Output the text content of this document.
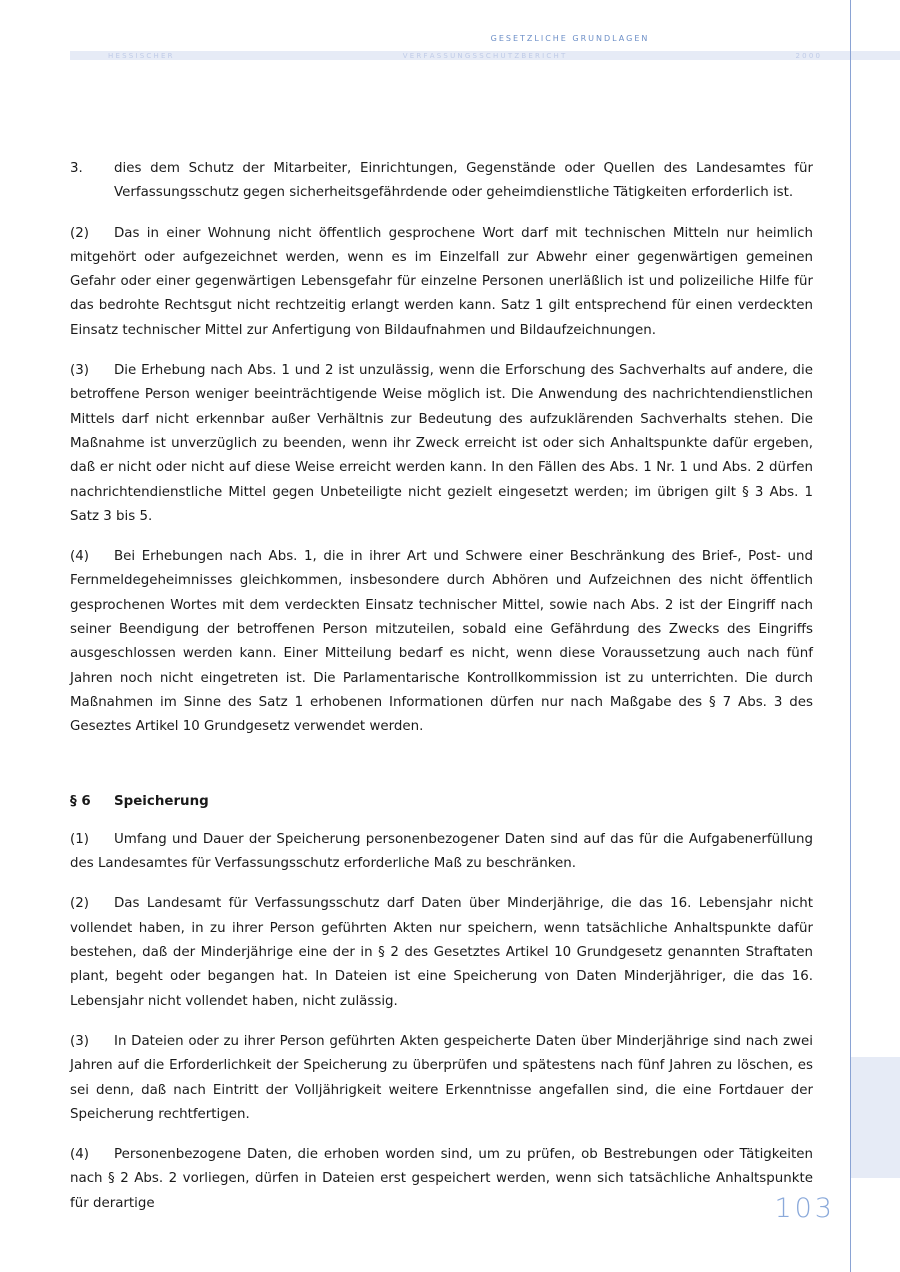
GESETZLICHE GRUNDLAGEN
H E S S I S C H E R	V E R F A S S U N G S S C H U T Z B E R I C H T	2 0 0 0

3.	dies dem Schutz der Mitarbeiter, Einrichtungen, Gegenstände oder Quellen des Landesamtes für Verfassungsschutz gegen sicherheitsgefährdende oder geheimdienstliche Tätigkeiten erforderlich ist.

(2) Das in einer Wohnung nicht öffentlich gesprochene Wort darf mit technischen Mitteln nur heimlich mitgehört oder aufgezeichnet werden, wenn es im Einzelfall zur Abwehr einer gegenwärtigen gemeinen Gefahr oder einer gegenwärtigen Lebensgefahr für einzelne Personen unerläßlich ist und polizeiliche Hilfe für das bedrohte Rechtsgut nicht rechtzeitig erlangt werden kann. Satz 1 gilt entsprechend für einen verdeckten Einsatz technischer Mittel zur Anfertigung von Bildaufnahmen und Bildaufzeichnungen.

(3) Die Erhebung nach Abs. 1 und 2 ist unzulässig, wenn die Erforschung des Sachverhalts auf andere, die betroffene Person weniger beeinträchtigende Weise möglich ist. Die Anwendung des nachrichtendienstlichen Mittels darf nicht erkennbar außer Verhältnis zur Bedeutung des aufzuklärenden Sachverhalts stehen. Die Maßnahme ist unverzüglich zu beenden, wenn ihr Zweck erreicht ist oder sich Anhaltspunkte dafür ergeben, daß er nicht oder nicht auf diese Weise erreicht werden kann. In den Fällen des Abs. 1 Nr. 1 und Abs. 2 dürfen nachrichtendienstliche Mittel gegen Unbeteiligte nicht gezielt eingesetzt werden; im übrigen gilt § 3 Abs. 1 Satz 3 bis 5.

(4) Bei Erhebungen nach Abs. 1, die in ihrer Art und Schwere einer Beschränkung des Brief-, Post- und Fernmeldegeheimnisses gleichkommen, insbesondere durch Abhören und Aufzeichnen des nicht öffentlich gesprochenen Wortes mit dem verdeckten Einsatz technischer Mittel, sowie nach Abs. 2 ist der Eingriff nach seiner Beendigung der betroffenen Person mitzuteilen, sobald eine Gefährdung des Zwecks des Eingriffs ausgeschlossen werden kann. Einer Mitteilung bedarf es nicht, wenn diese Voraussetzung auch nach fünf Jahren noch nicht eingetreten ist. Die Parlamentarische Kontrollkommission ist zu unterrichten. Die durch Maßnahmen im Sinne des Satz 1 erhobenen Informationen dürfen nur nach Maßgabe des § 7 Abs. 3 des Geseztes Artikel 10 Grundgesetz verwendet werden.

§ 6 Speicherung

(1) Umfang und Dauer der Speicherung personenbezogener Daten sind auf das für die Aufgabenerfüllung des Landesamtes für Verfassungsschutz erforderliche Maß zu beschränken.

(2) Das Landesamt für Verfassungsschutz darf Daten über Minderjährige, die das 16. Lebensjahr nicht vollendet haben, in zu ihrer Person geführten Akten nur speichern, wenn tatsächliche Anhaltspunkte dafür bestehen, daß der Minderjährige eine der in § 2 des Gesetztes Artikel 10 Grundgesetz genannten Straftaten plant, begeht oder begangen hat. In Dateien ist eine Speicherung von Daten Minderjähriger, die das 16. Lebensjahr nicht vollendet haben, nicht zulässig.

(3) In Dateien oder zu ihrer Person geführten Akten gespeicherte Daten über Minderjährige sind nach zwei Jahren auf die Erforderlichkeit der Speicherung zu überprüfen und spätestens nach fünf Jahren zu löschen, es sei denn, daß nach Eintritt der Volljährigkeit weitere Erkenntnisse angefallen sind, die eine Fortdauer der Speicherung rechtfertigen.

(4) Personenbezogene Daten, die erhoben worden sind, um zu prüfen, ob Bestrebungen oder Tätigkeiten nach § 2 Abs. 2 vorliegen, dürfen in Dateien erst gespeichert werden, wenn sich tatsächliche Anhaltspunkte für derartige	103
